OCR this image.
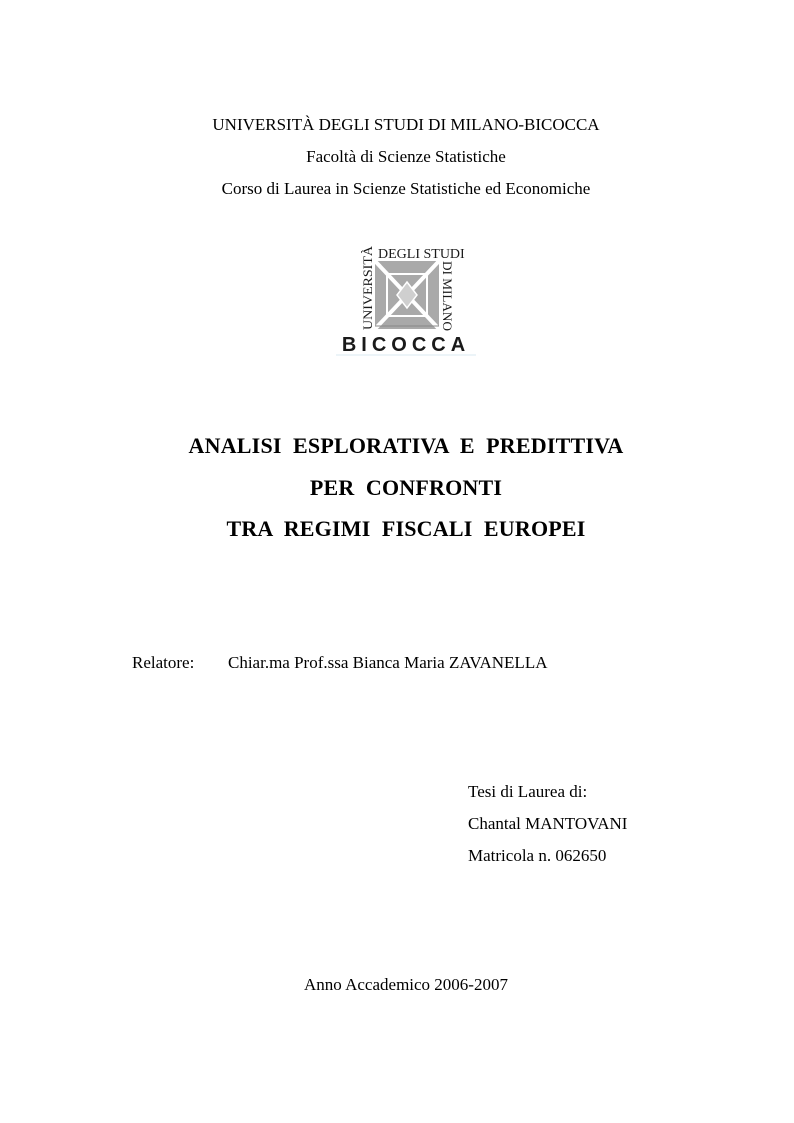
UNIVERSITÀ DEGLI STUDI DI MILANO-BICOCCA
Facoltà di Scienze Statistiche
Corso di Laurea in Scienze Statistiche ed Economiche
DEGLI STUDI
UNIVERSITÀ	DI MILANO
BICOCCA
ANALISI  ESPLORATIVA  E  PREDITTIVA
PER  CONFRONTI
TRA  REGIMI  FISCALI  EUROPEI
Relatore: Chiar.ma Prof.ssa Bianca Maria ZAVANELLA
Tesi di Laurea di:
Chantal MANTOVANI
Matricola n. 062650
Anno Accademico 2006-2007
